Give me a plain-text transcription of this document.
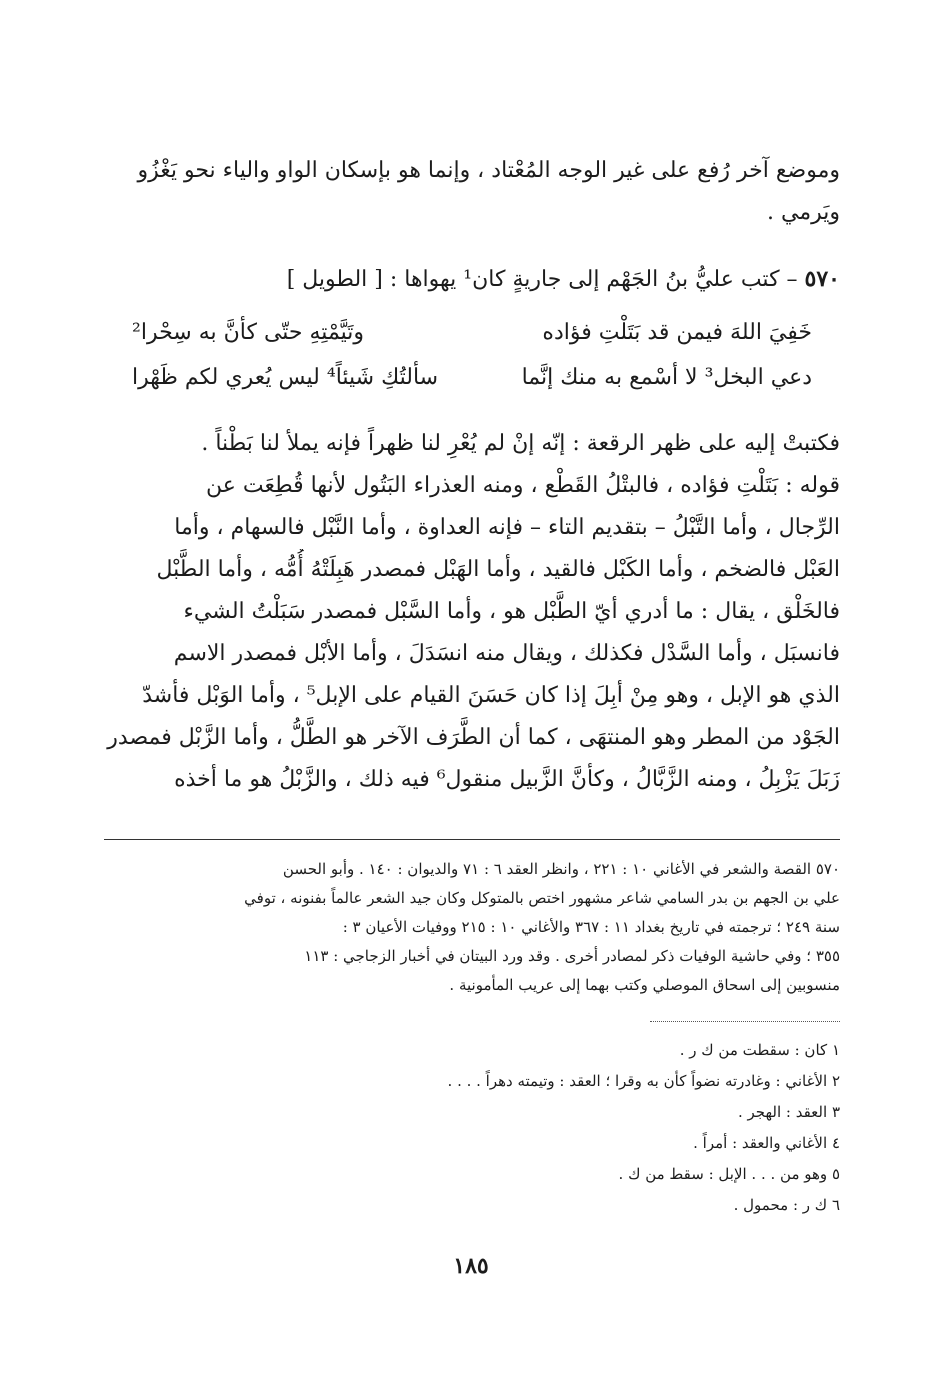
وموضع آخر رُفع على غير الوجه المُعْتاد ، وإنما هو بإسكان الواو والياء نحو يَغْزُو
ويَرمي .
٥٧٠ – كتب عليُّ بنُ الجَهْم إلى جاريةٍ كان¹ يهواها : [ الطويل ]
خَفِيَ اللهَ فيمن قد بَتَلْتِ فؤاده
وتَيَّمْتِهِ حتّى كأنَّ به سِحْرا²
دعي البخل³ لا أسْمع به منك إنَّما
سألتُكِ شَيئاً⁴ ليس يُعري لكم ظَهْرا
فكتبتْ إليه على ظهر الرقعة : إنّه إنْ لم يُعْرِ لنا ظهراً فإنه يملأ لنا بَطْناً .
قوله : بَتَلْتِ فؤاده ، فالبتْلُ القَطْع ، ومنه العذراء البَتُول لأنها قُطِعَت عن
الرِّجال ، وأما التَّبْلُ – بتقديم التاء – فإنه العداوة ، وأما النَّبْل فالسهام ، وأما
العَبْل فالضخم ، وأما الكَبْل فالقيد ، وأما الهَبْل فمصدر هَبِلَتْهُ أُمُّه ، وأما الطَّبْل
فالخَلْق ، يقال : ما أدري أيّ الطَّبْل هو ، وأما السَّبْل فمصدر سَبَلْتُ الشيء
فانسبَل ، وأما السَّدْل فكذلك ، ويقال منه انسَدَلَ ، وأما الأبْل فمصدر الاسم
الذي هو الإبل ، وهو مِنْ أبِلَ إذا كان حَسَنَ القيام على الإبل⁵ ، وأما الوَبْل فأشدّ
الجَوْد من المطر وهو المنتهَى ، كما أن الطَّرَف الآخر هو الطَّلُّ ، وأما الزَّبْل فمصدر
زَبَلَ يَزْبِلُ ، ومنه الزَّبَّالُ ، وكأنَّ الزَّبيل منقول⁶ فيه ذلك ، والزَّبْلُ هو ما أخذه
٥٧٠ القصة والشعر في الأغاني ١٠ : ٢٢١ ، وانظر العقد ٦ : ٧١ والديوان : ١٤٠ . وأبو الحسن
علي بن الجهم بن بدر السامي شاعر مشهور اختص بالمتوكل وكان جيد الشعر عالماً بفنونه ، توفي
سنة ٢٤٩ ؛ ترجمته في تاريخ بغداد ١١ : ٣٦٧ والأغاني ١٠ : ٢١٥ ووفيات الأعيان ٣ :
٣٥٥ ؛ وفي حاشية الوفيات ذكر لمصادر أخرى . وقد ورد البيتان في أخبار الزجاجي : ١١٣
منسوبين إلى اسحاق الموصلي وكتب بهما إلى عريب المأمونية .
١ كان : سقطت من ك ر .
٢ الأغاني : وغادرته نضواً كأن به وقرا ؛ العقد : وتيمته دهراً . . . .
٣ العقد : الهجر .
٤ الأغاني والعقد : أمراً .
٥ وهو من . . . الإبل : سقط من ك .
٦ ك ر : محمول .
١٨٥
